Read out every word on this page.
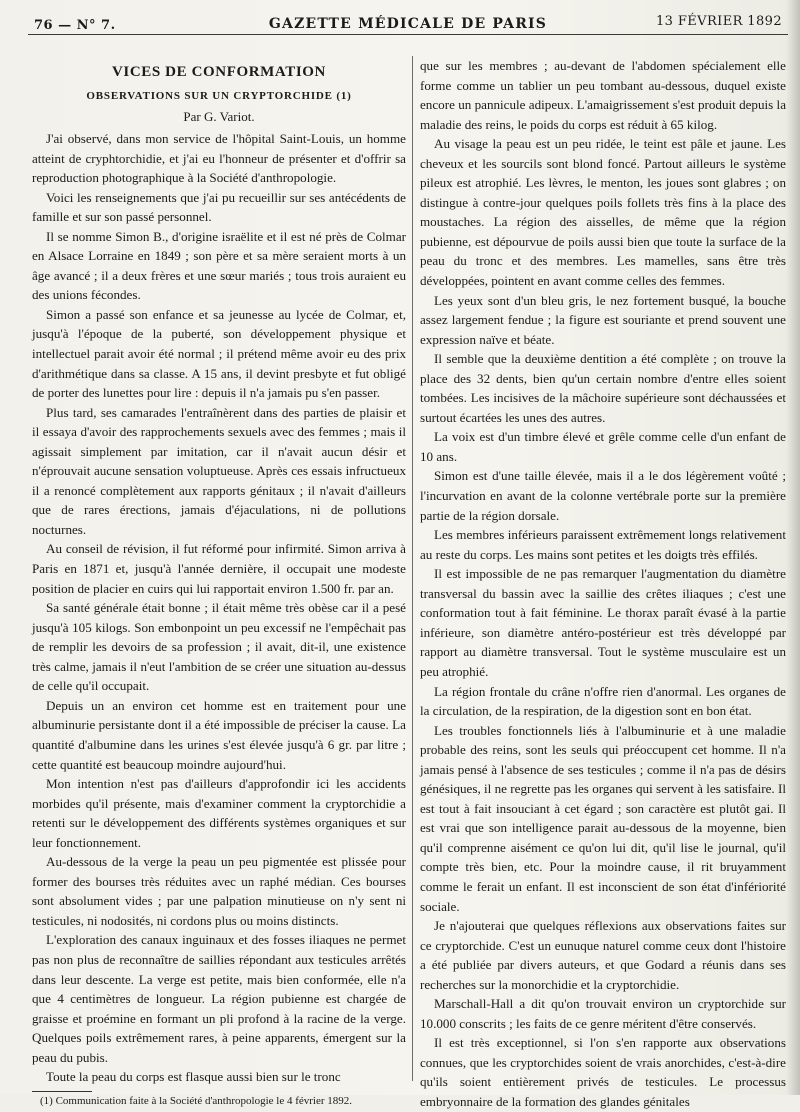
76 — N° 7.	GAZETTE MÉDICALE DE PARIS	13 FÉVRIER 1892
VICES DE CONFORMATION
OBSERVATIONS SUR UN CRYPTORCHIDE (1)
Par G. Variot.

J'ai observé, dans mon service de l'hôpital Saint-Louis, un homme atteint de cryphtorchidie, et j'ai eu l'honneur de présenter et d'offrir sa reproduction photographique à la Société d'anthropologie.

Voici les renseignements que j'ai pu recueillir sur ses antécédents de famille et sur son passé personnel.

Il se nomme Simon B., d'origine israëlite et il est né près de Colmar en Alsace Lorraine en 1849 ; son père et sa mère seraient morts à un âge avancé ; il a deux frères et une sœur mariés ; tous trois auraient eu des unions fécondes.

Simon a passé son enfance et sa jeunesse au lycée de Colmar, et, jusqu'à l'époque de la puberté, son développement physique et intellectuel parait avoir été normal ; il prétend même avoir eu des prix d'arithmétique dans sa classe. A 15 ans, il devint presbyte et fut obligé de porter des lunettes pour lire : depuis il n'a jamais pu s'en passer.

Plus tard, ses camarades l'entraînèrent dans des parties de plaisir et il essaya d'avoir des rapprochements sexuels avec des femmes ; mais il agissait simplement par imitation, car il n'avait aucun désir et n'éprouvait aucune sensation voluptueuse. Après ces essais infructueux il a renoncé complètement aux rapports génitaux ; il n'avait d'ailleurs que de rares érections, jamais d'éjaculations, ni de pollutions nocturnes.

Au conseil de révision, il fut réformé pour infirmité. Simon arriva à Paris en 1871 et, jusqu'à l'année dernière, il occupait une modeste position de placier en cuirs qui lui rapportait environ 1.500 fr. par an.

Sa santé générale était bonne ; il était même très obèse car il a pesé jusqu'à 105 kilogs. Son embonpoint un peu excessif ne l'empêchait pas de remplir les devoirs de sa profession ; il avait, dit-il, une existence très calme, jamais il n'eut l'ambition de se créer une situation au-dessus de celle qu'il occupait.

Depuis un an environ cet homme est en traitement pour une albuminurie persistante dont il a été impossible de préciser la cause. La quantité d'albumine dans les urines s'est élevée jusqu'à 6 gr. par litre ; cette quantité est beaucoup moindre aujourd'hui.

Mon intention n'est pas d'ailleurs d'approfondir ici les accidents morbides qu'il présente, mais d'examiner comment la cryptorchidie a retenti sur le développement des différents systèmes organiques et sur leur fonctionnement.

Au-dessous de la verge la peau un peu pigmentée est plissée pour former des bourses très réduites avec un raphé médian. Ces bourses sont absolument vides ; par une palpation minutieuse on n'y sent ni testicules, ni nodosités, ni cordons plus ou moins distincts.

L'exploration des canaux inguinaux et des fosses iliaques ne permet pas non plus de reconnaître de saillies répondant aux testicules arrêtés dans leur descente. La verge est petite, mais bien conformée, elle n'a que 4 centimètres de longueur. La région pubienne est chargée de graisse et proémine en formant un pli profond à la racine de la verge. Quelques poils extrêmement rares, à peine apparents, émergent sur la peau du pubis.

Toute la peau du corps est flasque aussi bien sur le tronc

(1) Communication faite à la Société d'anthropologie le 4 février 1892.

que sur les membres ; au-devant de l'abdomen spécialement elle forme comme un tablier un peu tombant au-dessous, duquel existe encore un pannicule adipeux. L'amaigrissement s'est produit depuis la maladie des reins, le poids du corps est réduit à 65 kilog.

Au visage la peau est un peu ridée, le teint est pâle et jaune. Les cheveux et les sourcils sont blond foncé. Partout ailleurs le système pileux est atrophié. Les lèvres, le menton, les joues sont glabres ; on distingue à contre-jour quelques poils follets très fins à la place des moustaches. La région des aisselles, de même que la région pubienne, est dépourvue de poils aussi bien que toute la surface de la peau du tronc et des membres. Les mamelles, sans être très développées, pointent en avant comme celles des femmes.

Les yeux sont d'un bleu gris, le nez fortement busqué, la bouche assez largement fendue ; la figure est souriante et prend souvent une expression naïve et béate.

Il semble que la deuxième dentition a été complète ; on trouve la place des 32 dents, bien qu'un certain nombre d'entre elles soient tombées. Les incisives de la mâchoire supérieure sont déchaussées et surtout écartées les unes des autres.

La voix est d'un timbre élevé et grêle comme celle d'un enfant de 10 ans.

Simon est d'une taille élevée, mais il a le dos légèrement voûté ; l'incurvation en avant de la colonne vertébrale porte sur la première partie de la région dorsale.

Les membres inférieurs paraissent extrêmement longs relativement au reste du corps. Les mains sont petites et les doigts très effilés.

Il est impossible de ne pas remarquer l'augmentation du diamètre transversal du bassin avec la saillie des crêtes iliaques ; c'est une conformation tout à fait féminine. Le thorax paraît évasé à la partie inférieure, son diamètre antéro-postérieur est très développé par rapport au diamètre transversal. Tout le système musculaire est un peu atrophié.

La région frontale du crâne n'offre rien d'anormal. Les organes de la circulation, de la respiration, de la digestion sont en bon état.

Les troubles fonctionnels liés à l'albuminurie et à une maladie probable des reins, sont les seuls qui préoccupent cet homme. Il n'a jamais pensé à l'absence de ses testicules ; comme il n'a pas de désirs génésiques, il ne regrette pas les organes qui servent à les satisfaire. Il est tout à fait insouciant à cet égard ; son caractère est plutôt gai. Il est vrai que son intelligence parait au-dessous de la moyenne, bien qu'il comprenne aisément ce qu'on lui dit, qu'il lise le journal, qu'il compte très bien, etc. Pour la moindre cause, il rit bruyamment comme le ferait un enfant. Il est inconscient de son état d'infériorité sociale.

Je n'ajouterai que quelques réflexions aux observations faites sur ce cryptorchide. C'est un eunuque naturel comme ceux dont l'histoire a été publiée par divers auteurs, et que Godard a réunis dans ses recherches sur la monorchidie et la cryptorchidie.

Marschall-Hall a dit qu'on trouvait environ un cryptorchide sur 10.000 conscrits ; les faits de ce genre méritent d'être conservés.

Il est très exceptionnel, si l'on s'en rapporte aux observations connues, que les cryptorchides soient de vrais anorchides, c'est-à-dire qu'ils soient entièrement privés de testicules. Le processus embryonnaire de la formation des glandes génitales
